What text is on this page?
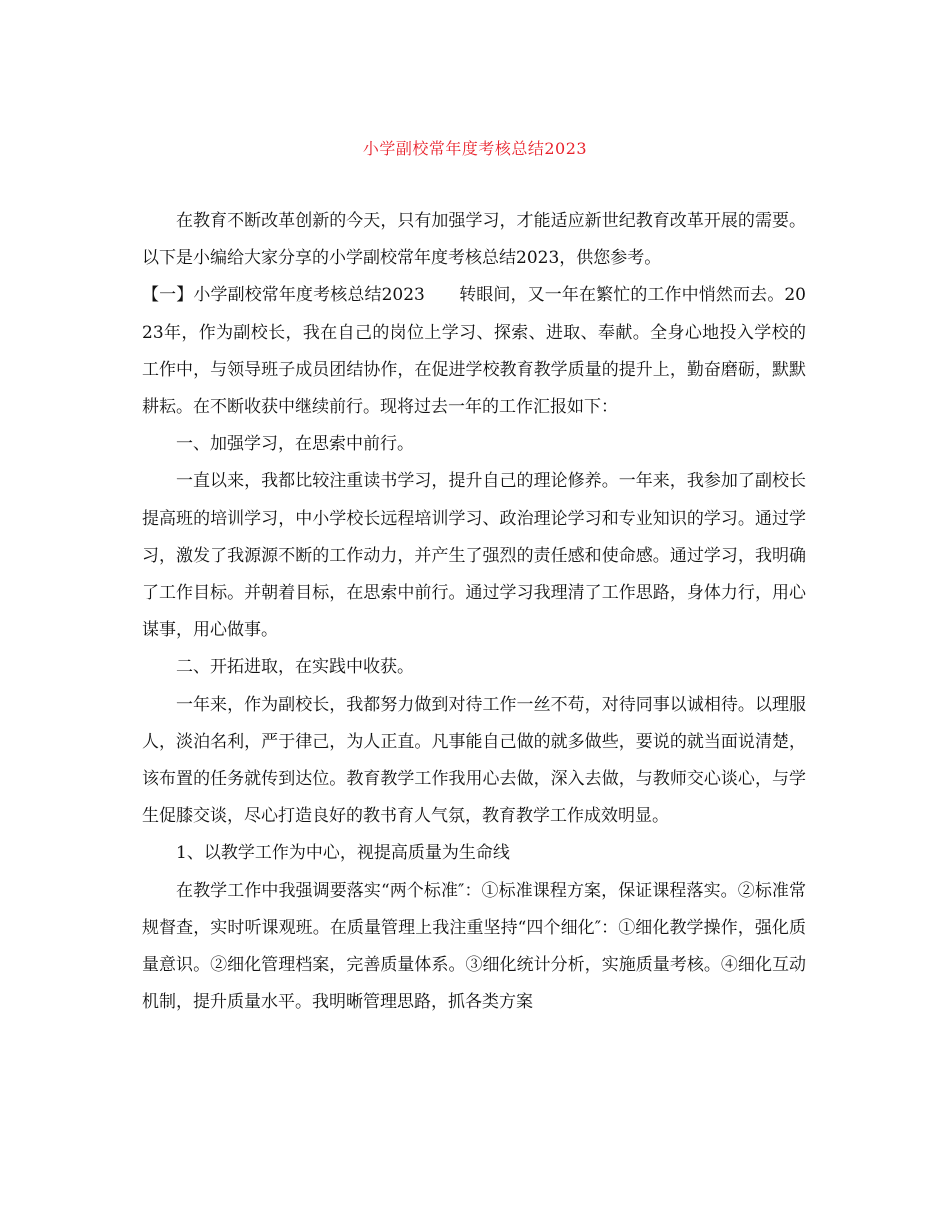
小学副校常年度考核总结2023

在教育不断改革创新的今天，只有加强学习，才能适应新世纪教育改革开展的需要。以下是小编给大家分享的小学副校常年度考核总结2023，供您参考。

【一】小学副校常年度考核总结2023　　转眼间，又一年在繁忙的工作中悄然而去。2023年，作为副校长，我在自己的岗位上学习、探索、进取、奉献。全身心地投入学校的工作中，与领导班子成员团结协作，在促进学校教育教学质量的提升上，勤奋磨砺，默默耕耘。在不断收获中继续前行。现将过去一年的工作汇报如下：

一、加强学习，在思索中前行。

一直以来，我都比较注重读书学习，提升自己的理论修养。一年来，我参加了副校长提高班的培训学习，中小学校长远程培训学习、政治理论学习和专业知识的学习。通过学习，激发了我源源不断的工作动力，并产生了强烈的责任感和使命感。通过学习，我明确了工作目标。并朝着目标，在思索中前行。通过学习我理清了工作思路，身体力行，用心谋事，用心做事。

二、开拓进取，在实践中收获。

一年来，作为副校长，我都努力做到对待工作一丝不苟，对待同事以诚相待。以理服人，淡泊名利，严于律己，为人正直。凡事能自己做的就多做些，要说的就当面说清楚，该布置的任务就传到达位。教育教学工作我用心去做，深入去做，与教师交心谈心，与学生促膝交谈，尽心打造良好的教书育人气氛，教育教学工作成效明显。

1、以教学工作为中心，视提高质量为生命线

在教学工作中我强调要落实“两个标准″：①标准课程方案，保证课程落实。②标准常规督查，实时听课观班。在质量管理上我注重坚持“四个细化″：①细化教学操作，强化质量意识。②细化管理档案，完善质量体系。③细化统计分析，实施质量考核。④细化互动机制，提升质量水平。我明晰管理思路，抓各类方案
